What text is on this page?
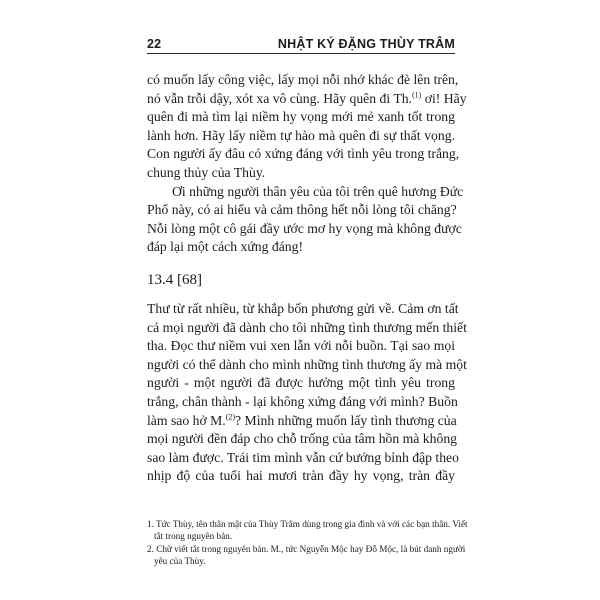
22	NHẬT KÝ ĐẶNG THÙY TRÂM
có muốn lấy công việc, lấy mọi nỗi nhớ khác đè lên trên,
nó vẫn trỗi dậy, xót xa vô cùng. Hãy quên đi Th.$^{(1)}$ ơi! Hãy
quên đi mà tìm lại niềm hy vọng mới mẻ xanh tốt trong
lành hơn. Hãy lấy niềm tự hào mà quên đi sự thất vọng.
Con người ấy đâu có xứng đáng với tình yêu trong trắng,
chung thủy của Thùy.
Ơi những người thân yêu của tôi trên quê hương Đức
Phổ này, có ai hiểu và cảm thông hết nỗi lòng tôi chăng?
Nỗi lòng một cô gái đầy ước mơ hy vọng mà không được
đáp lại một cách xứng đáng!
13.4 [68]
Thư từ rất nhiều, từ khắp bốn phương gửi về. Cảm ơn tất
cả mọi người đã dành cho tôi những tình thương mến thiết
tha. Đọc thư niềm vui xen lẫn với nỗi buồn. Tại sao mọi
người có thể dành cho mình những tình thương ấy mà một
người - một người đã được hưởng một tình yêu trong
trắng, chân thành - lại không xứng đáng với mình? Buồn
làm sao hở M.$^{(2)}$? Mình những muốn lấy tình thương của
mọi người đền đáp cho chỗ trống của tâm hồn mà không
sao làm được. Trái tim mình vẫn cứ bướng bỉnh đập theo
nhịp độ của tuổi hai mươi tràn đầy hy vọng, tràn đầy
1. Tức Thùy, tên thân mật của Thùy Trâm dùng trong gia đình và với các bạn thân. Viết
tắt trong nguyên bản.
2. Chữ viết tắt trong nguyên bản. M., tức Nguyễn Mộc hay Đỗ Mộc, là bút danh người
yêu của Thùy.
